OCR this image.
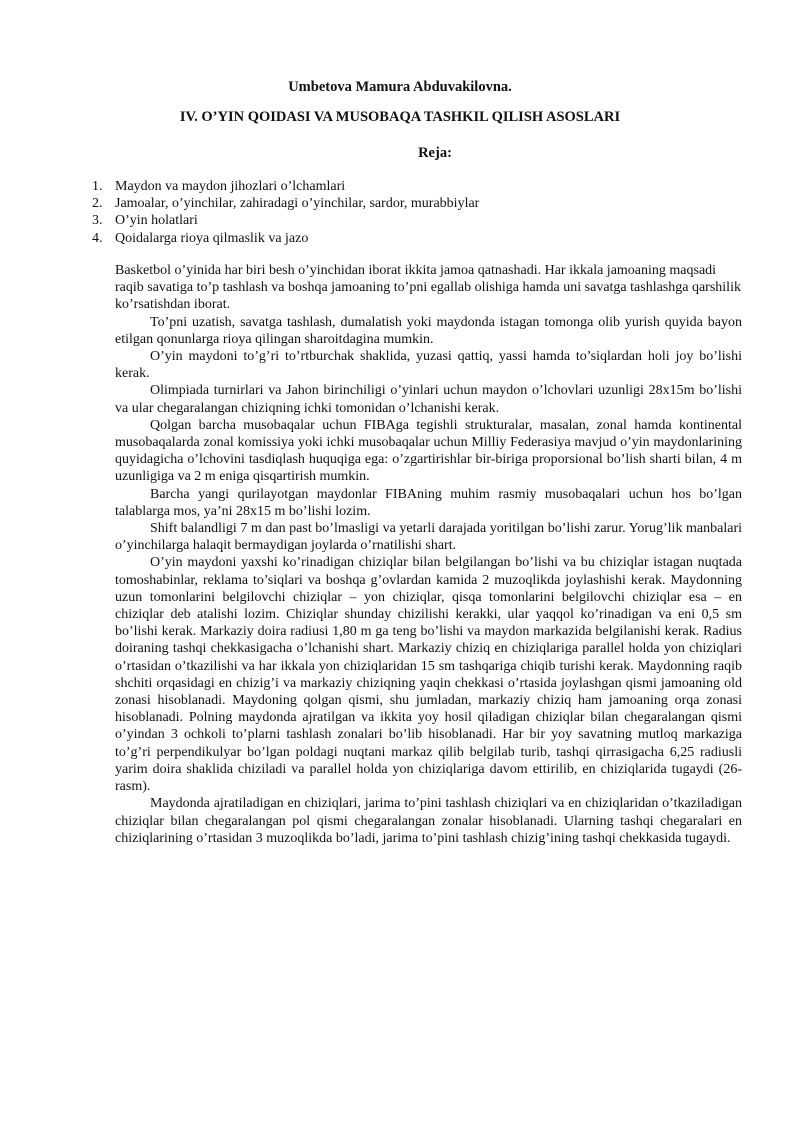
Umbetova Mamura Abduvakilovna.
IV. O’YIN QOIDASI VA MUSOBAQA TASHKIL QILISH ASOSLARI
Reja:
1. Maydon va maydon jihozlari o’lchamlari
2. Jamoalar, o’yinchilar, zahiradagi o’yinchilar, sardor, murabbiylar
3. O’yin holatlari
4. Qoidalarga rioya qilmaslik va jazo

Basketbol o’yinida har biri besh o’yinchidan iborat ikkita jamoa qatnashadi. Har ikkala jamoaning maqsadi raqib savatiga to’p tashlash va boshqa jamoaning to’pni egallab olishiga hamda uni savatga tashlashga qarshilik ko’rsatishdan iborat.

To’pni uzatish, savatga tashlash, dumalatish yoki maydonda istagan tomonga olib yurish quyida bayon etilgan qonunlarga rioya qilingan sharoitdagina mumkin.

O’yin maydoni to’g’ri to’rtburchak shaklida, yuzasi qattiq, yassi hamda to’siqlardan holi joy bo’lishi kerak.

Olimpiada turnirlari va Jahon birinchiligi o’yinlari uchun maydon o’lchovlari uzunligi 28x15m bo’lishi va ular chegaralangan chiziqning ichki tomonidan o’lchanishi kerak.

Qolgan barcha musobaqalar uchun FIBAga tegishli strukturalar, masalan, zonal hamda kontinental musobaqalarda zonal komissiya yoki ichki musobaqalar uchun Milliy Federasiya mavjud o’yin maydonlarining quyidagicha o’lchovini tasdiqlash huquqiga ega: o’zgartirishlar bir-biriga proporsional bo’lish sharti bilan, 4 m uzunligiga va 2 m eniga qisqartirish mumkin.

Barcha yangi qurilayotgan maydonlar FIBAning muhim rasmiy musobaqalari uchun hos bo’lgan talablarga mos, ya’ni 28x15 m bo’lishi lozim.

Shift balandligi 7 m dan past bo’lmasligi va yetarli darajada yoritilgan bo’lishi zarur. Yorug’lik manbalari o’yinchilarga halaqit bermaydigan joylarda o’rnatilishi shart.

O’yin maydoni yaxshi ko’rinadigan chiziqlar bilan belgilangan bo’lishi va bu chiziqlar istagan nuqtada tomoshabinlar, reklama to’siqlari va boshqa g’ovlardan kamida 2 muzoqlikda joylashishi kerak. Maydonning uzun tomonlarini belgilovchi chiziqlar – yon chiziqlar, qisqa tomonlarini belgilovchi chiziqlar esa – en chiziqlar deb atalishi lozim. Chiziqlar shunday chizilishi kerakki, ular yaqqol ko’rinadigan va eni 0,5 sm bo’lishi kerak. Markaziy doira radiusi 1,80 m ga teng bo’lishi va maydon markazida belgilanishi kerak. Radius doiraning tashqi chekkasigacha o’lchanishi shart. Markaziy chiziq en chiziqlariga parallel holda yon chiziqlari o’rtasidan o’tkazilishi va har ikkala yon chiziqlaridan 15 sm tashqariga chiqib turishi kerak. Maydonning raqib shchiti orqasidagi en chizig’i va markaziy chiziqning yaqin chekkasi o’rtasida joylashgan qismi jamoaning old zonasi hisoblanadi. Maydoning qolgan qismi, shu jumladan, markaziy chiziq ham jamoaning orqa zonasi hisoblanadi. Polning maydonda ajratilgan va ikkita yoy hosil qiladigan chiziqlar bilan chegaralangan qismi o’yindan 3 ochkoli to’plarni tashlash zonalari bo’lib hisoblanadi. Har bir yoy savatning mutloq markaziga to’g’ri perpendikulyar bo’lgan poldagi nuqtani markaz qilib belgilab turib, tashqi qirrasigacha 6,25 radiusli yarim doira shaklida chiziladi va parallel holda yon chiziqlariga davom ettirilib, en chiziqlarida tugaydi (26-rasm).

Maydonda ajratiladigan en chiziqlari, jarima to’pini tashlash chiziqlari va en chiziqlaridan o’tkaziladigan chiziqlar bilan chegaralangan pol qismi chegaralangan zonalar hisoblanadi. Ularning tashqi chegaralari en chiziqlarining o’rtasidan 3 muzoqlikda bo’ladi, jarima to’pini tashlash chizig’ining tashqi chekkasida tugaydi.
